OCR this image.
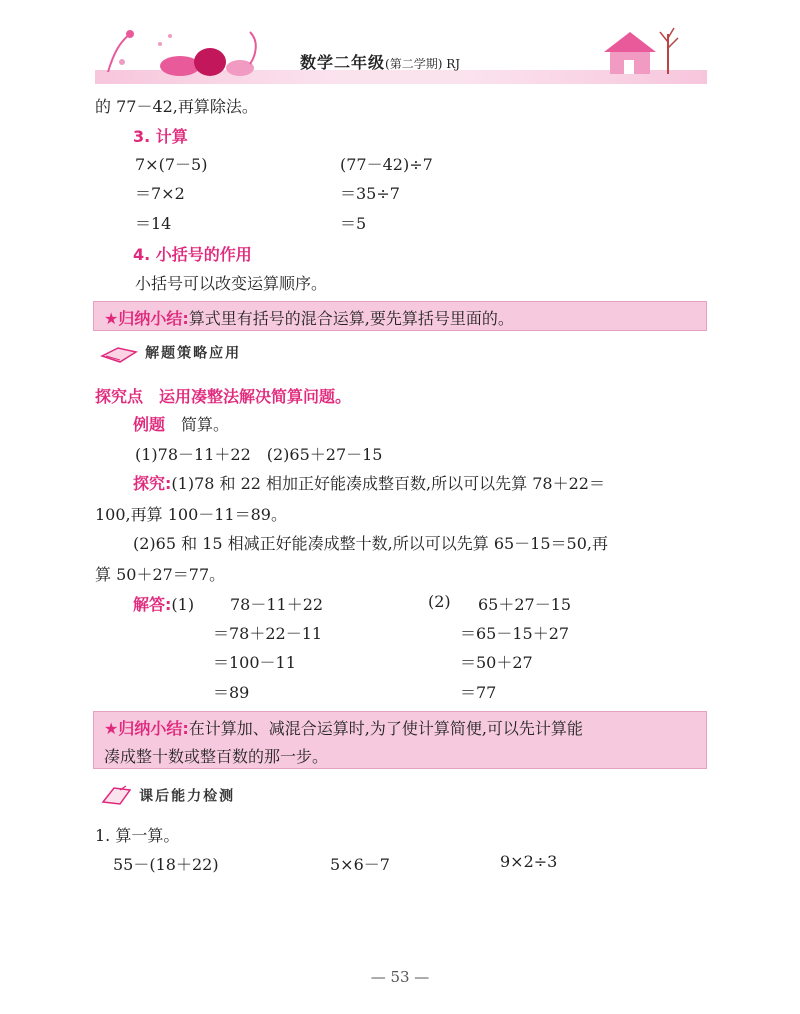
数学二年级(第二学期) RJ
的 77－42,再算除法。
3. 计算
7×(7－5)
＝7×2
＝14
(77－42)÷7
＝35÷7
＝5
4. 小括号的作用
小括号可以改变运算顺序。
★归纳小结:算式里有括号的混合运算,要先算括号里面的。
解题策略应用
探究点　 运用凑整法解决简算问题。
例题　 简算。
(1)78－11＋22　(2)65＋27－15
探究:(1)78 和 22 相加正好能凑成整百数,所以可以先算 78＋22＝
100,再算 100－11＝89。
(2)65 和 15 相减正好能凑成整十数,所以可以先算 65－15＝50,再
算 50＋27＝77。
解答:(1) 78－11＋22
＝78＋22－11
＝100－11
＝89
(2) 65＋27－15
＝65－15＋27
＝50＋27
＝77
★归纳小结:在计算加、减混合运算时,为了使计算简便,可以先计算能
凑成整十数或整百数的那一步。
课后能力检测
1. 算一算。
55－(18＋22)	5×6－7	9×2÷3
— 53 —
